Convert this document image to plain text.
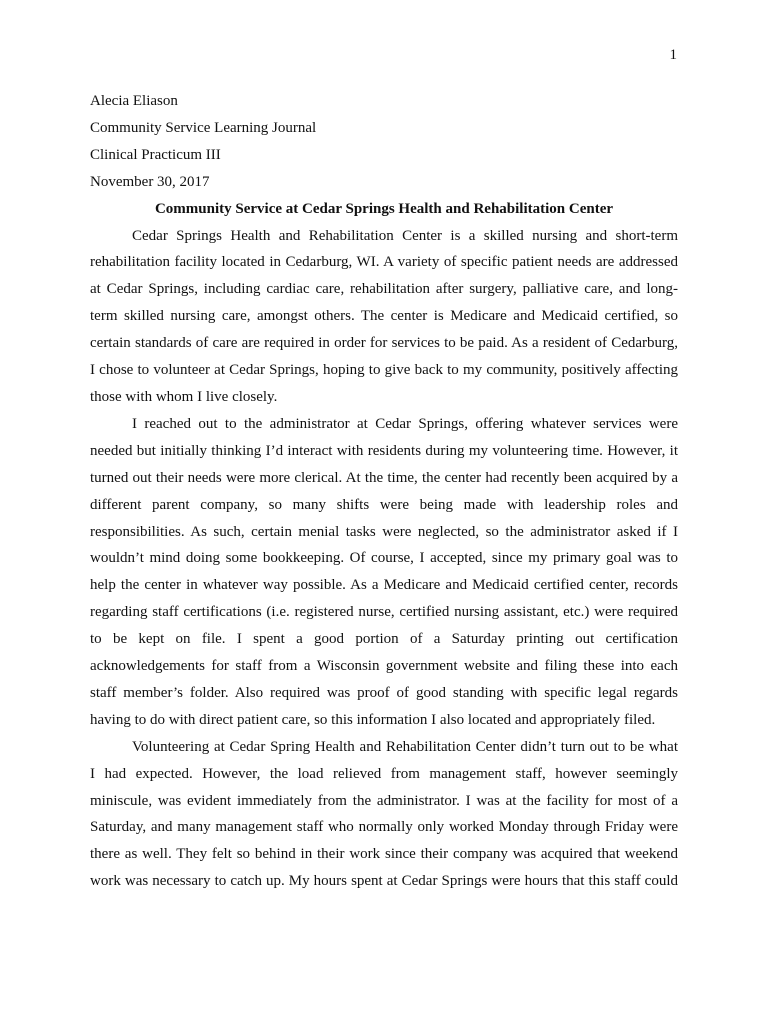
1

Alecia Eliason

Community Service Learning Journal

Clinical Practicum III

November 30, 2017

Community Service at Cedar Springs Health and Rehabilitation Center

Cedar Springs Health and Rehabilitation Center is a skilled nursing and short-term
rehabilitation facility located in Cedarburg, WI. A variety of specific patient needs are addressed
at Cedar Springs, including cardiac care, rehabilitation after surgery, palliative care, and long-
term skilled nursing care, amongst others. The center is Medicare and Medicaid certified, so
certain standards of care are required in order for services to be paid. As a resident of Cedarburg,
I chose to volunteer at Cedar Springs, hoping to give back to my community, positively affecting
those with whom I live closely.

I reached out to the administrator at Cedar Springs, offering whatever services were
needed but initially thinking I’d interact with residents during my volunteering time. However, it
turned out their needs were more clerical. At the time, the center had recently been acquired by a
different parent company, so many shifts were being made with leadership roles and
responsibilities. As such, certain menial tasks were neglected, so the administrator asked if I
wouldn’t mind doing some bookkeeping. Of course, I accepted, since my primary goal was to
help the center in whatever way possible. As a Medicare and Medicaid certified center, records
regarding staff certifications (i.e. registered nurse, certified nursing assistant, etc.) were required
to be kept on file. I spent a good portion of a Saturday printing out certification
acknowledgements for staff from a Wisconsin government website and filing these into each
staff member’s folder. Also required was proof of good standing with specific legal regards
having to do with direct patient care, so this information I also located and appropriately filed.

Volunteering at Cedar Spring Health and Rehabilitation Center didn’t turn out to be what
I had expected. However, the load relieved from management staff, however seemingly
miniscule, was evident immediately from the administrator. I was at the facility for most of a
Saturday, and many management staff who normally only worked Monday through Friday were
there as well. They felt so behind in their work since their company was acquired that weekend
work was necessary to catch up. My hours spent at Cedar Springs were hours that this staff could
